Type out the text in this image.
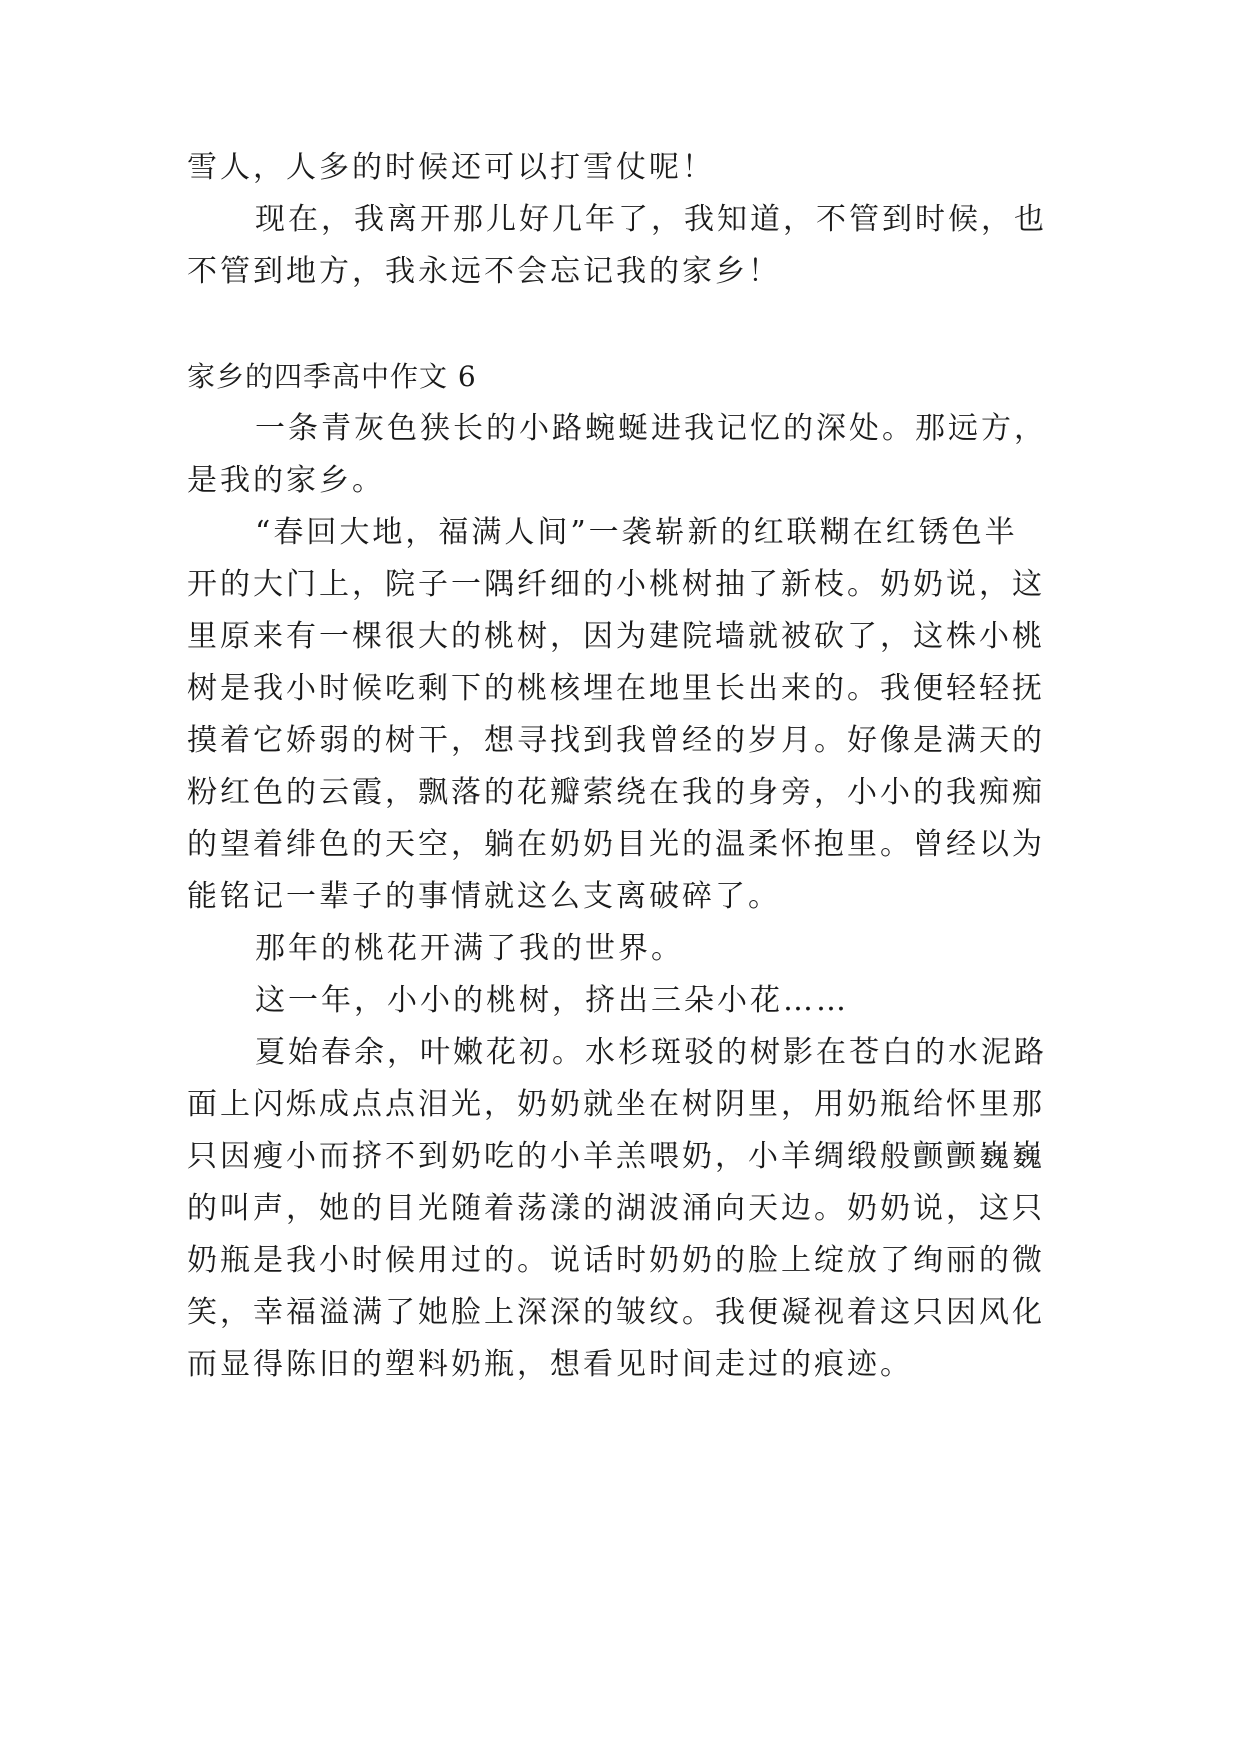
雪人，人多的时候还可以打雪仗呢！
现在，我离开那儿好几年了，我知道，不管到时候，也
不管到地方，我永远不会忘记我的家乡！
家乡的四季高中作文 6
一条青灰色狭长的小路蜿蜒进我记忆的深处。那远方，
是我的家乡。
“春回大地，福满人间”一袭崭新的红联糊在红锈色半
开的大门上，院子一隅纤细的小桃树抽了新枝。奶奶说，这
里原来有一棵很大的桃树，因为建院墙就被砍了，这株小桃
树是我小时候吃剩下的桃核埋在地里长出来的。我便轻轻抚
摸着它娇弱的树干，想寻找到我曾经的岁月。好像是满天的
粉红色的云霞，飘落的花瓣萦绕在我的身旁，小小的我痴痴
的望着绯色的天空，躺在奶奶目光的温柔怀抱里。曾经以为
能铭记一辈子的事情就这么支离破碎了。
那年的桃花开满了我的世界。
这一年，小小的桃树，挤出三朵小花……
夏始春余，叶嫩花初。水杉斑驳的树影在苍白的水泥路
面上闪烁成点点泪光，奶奶就坐在树阴里，用奶瓶给怀里那
只因瘦小而挤不到奶吃的小羊羔喂奶，小羊绸缎般颤颤巍巍
的叫声，她的目光随着荡漾的湖波涌向天边。奶奶说，这只
奶瓶是我小时候用过的。说话时奶奶的脸上绽放了绚丽的微
笑，幸福溢满了她脸上深深的皱纹。我便凝视着这只因风化
而显得陈旧的塑料奶瓶，想看见时间走过的痕迹。
